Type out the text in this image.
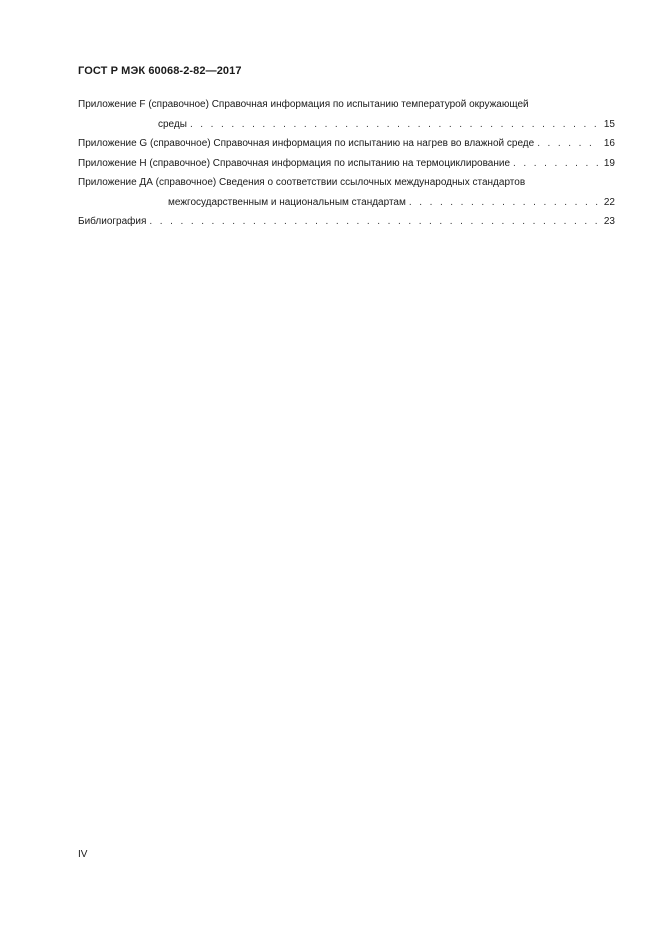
ГОСТ Р МЭК 60068-2-82—2017
Приложение F (справочное) Справочная информация по испытанию температурой окружающей
среды . . .	15
Приложение G (справочное) Справочная информация по испытанию на нагрев во влажной среде . . .	16
Приложение H (справочное) Справочная информация по испытанию на термоциклирование . . .	19
Приложение ДА (справочное) Сведения о соответствии ссылочных международных стандартов
межгосударственным и национальным стандартам . . .	22
Библиография . . .	23
IV
